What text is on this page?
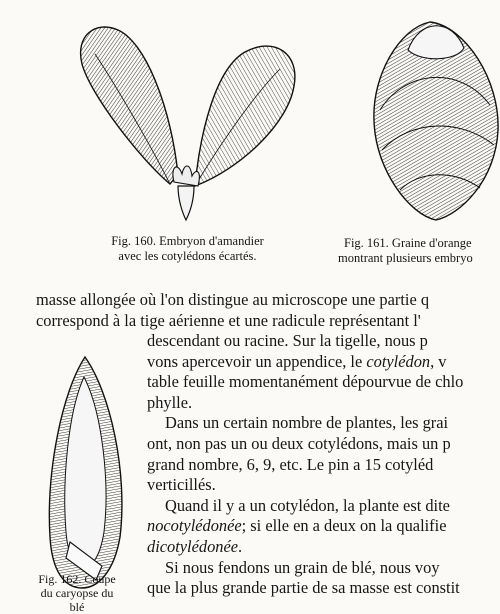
Fig. 160. Embryon d'amandier
avec les cotylédons écartés.
Fig. 161. Graine d'orange
montrant plusieurs embryo
masse allongée où l'on distingue au microscope une partie q
correspond à la tige aérienne et une radicule représentant l'
Fig. 162. Coupe
du caryopse du
blé
descendant ou racine. Sur la tigelle, nous p
vons apercevoir un appendice, le cotylédon, v
table feuille momentanément dépourvue de chlo
phylle.
Dans un certain nombre de plantes, les grai
ont, non pas un ou deux cotylédons, mais un p
grand nombre, 6, 9, etc. Le pin a 15 cotyléd
verticillés.
Quand il y a un cotylédon, la plante est dite
nocotylédonée; si elle en a deux on la qualifie
dicotylédonée.
Si nous fendons un grain de blé, nous voy
que la plus grande partie de sa masse est constit
